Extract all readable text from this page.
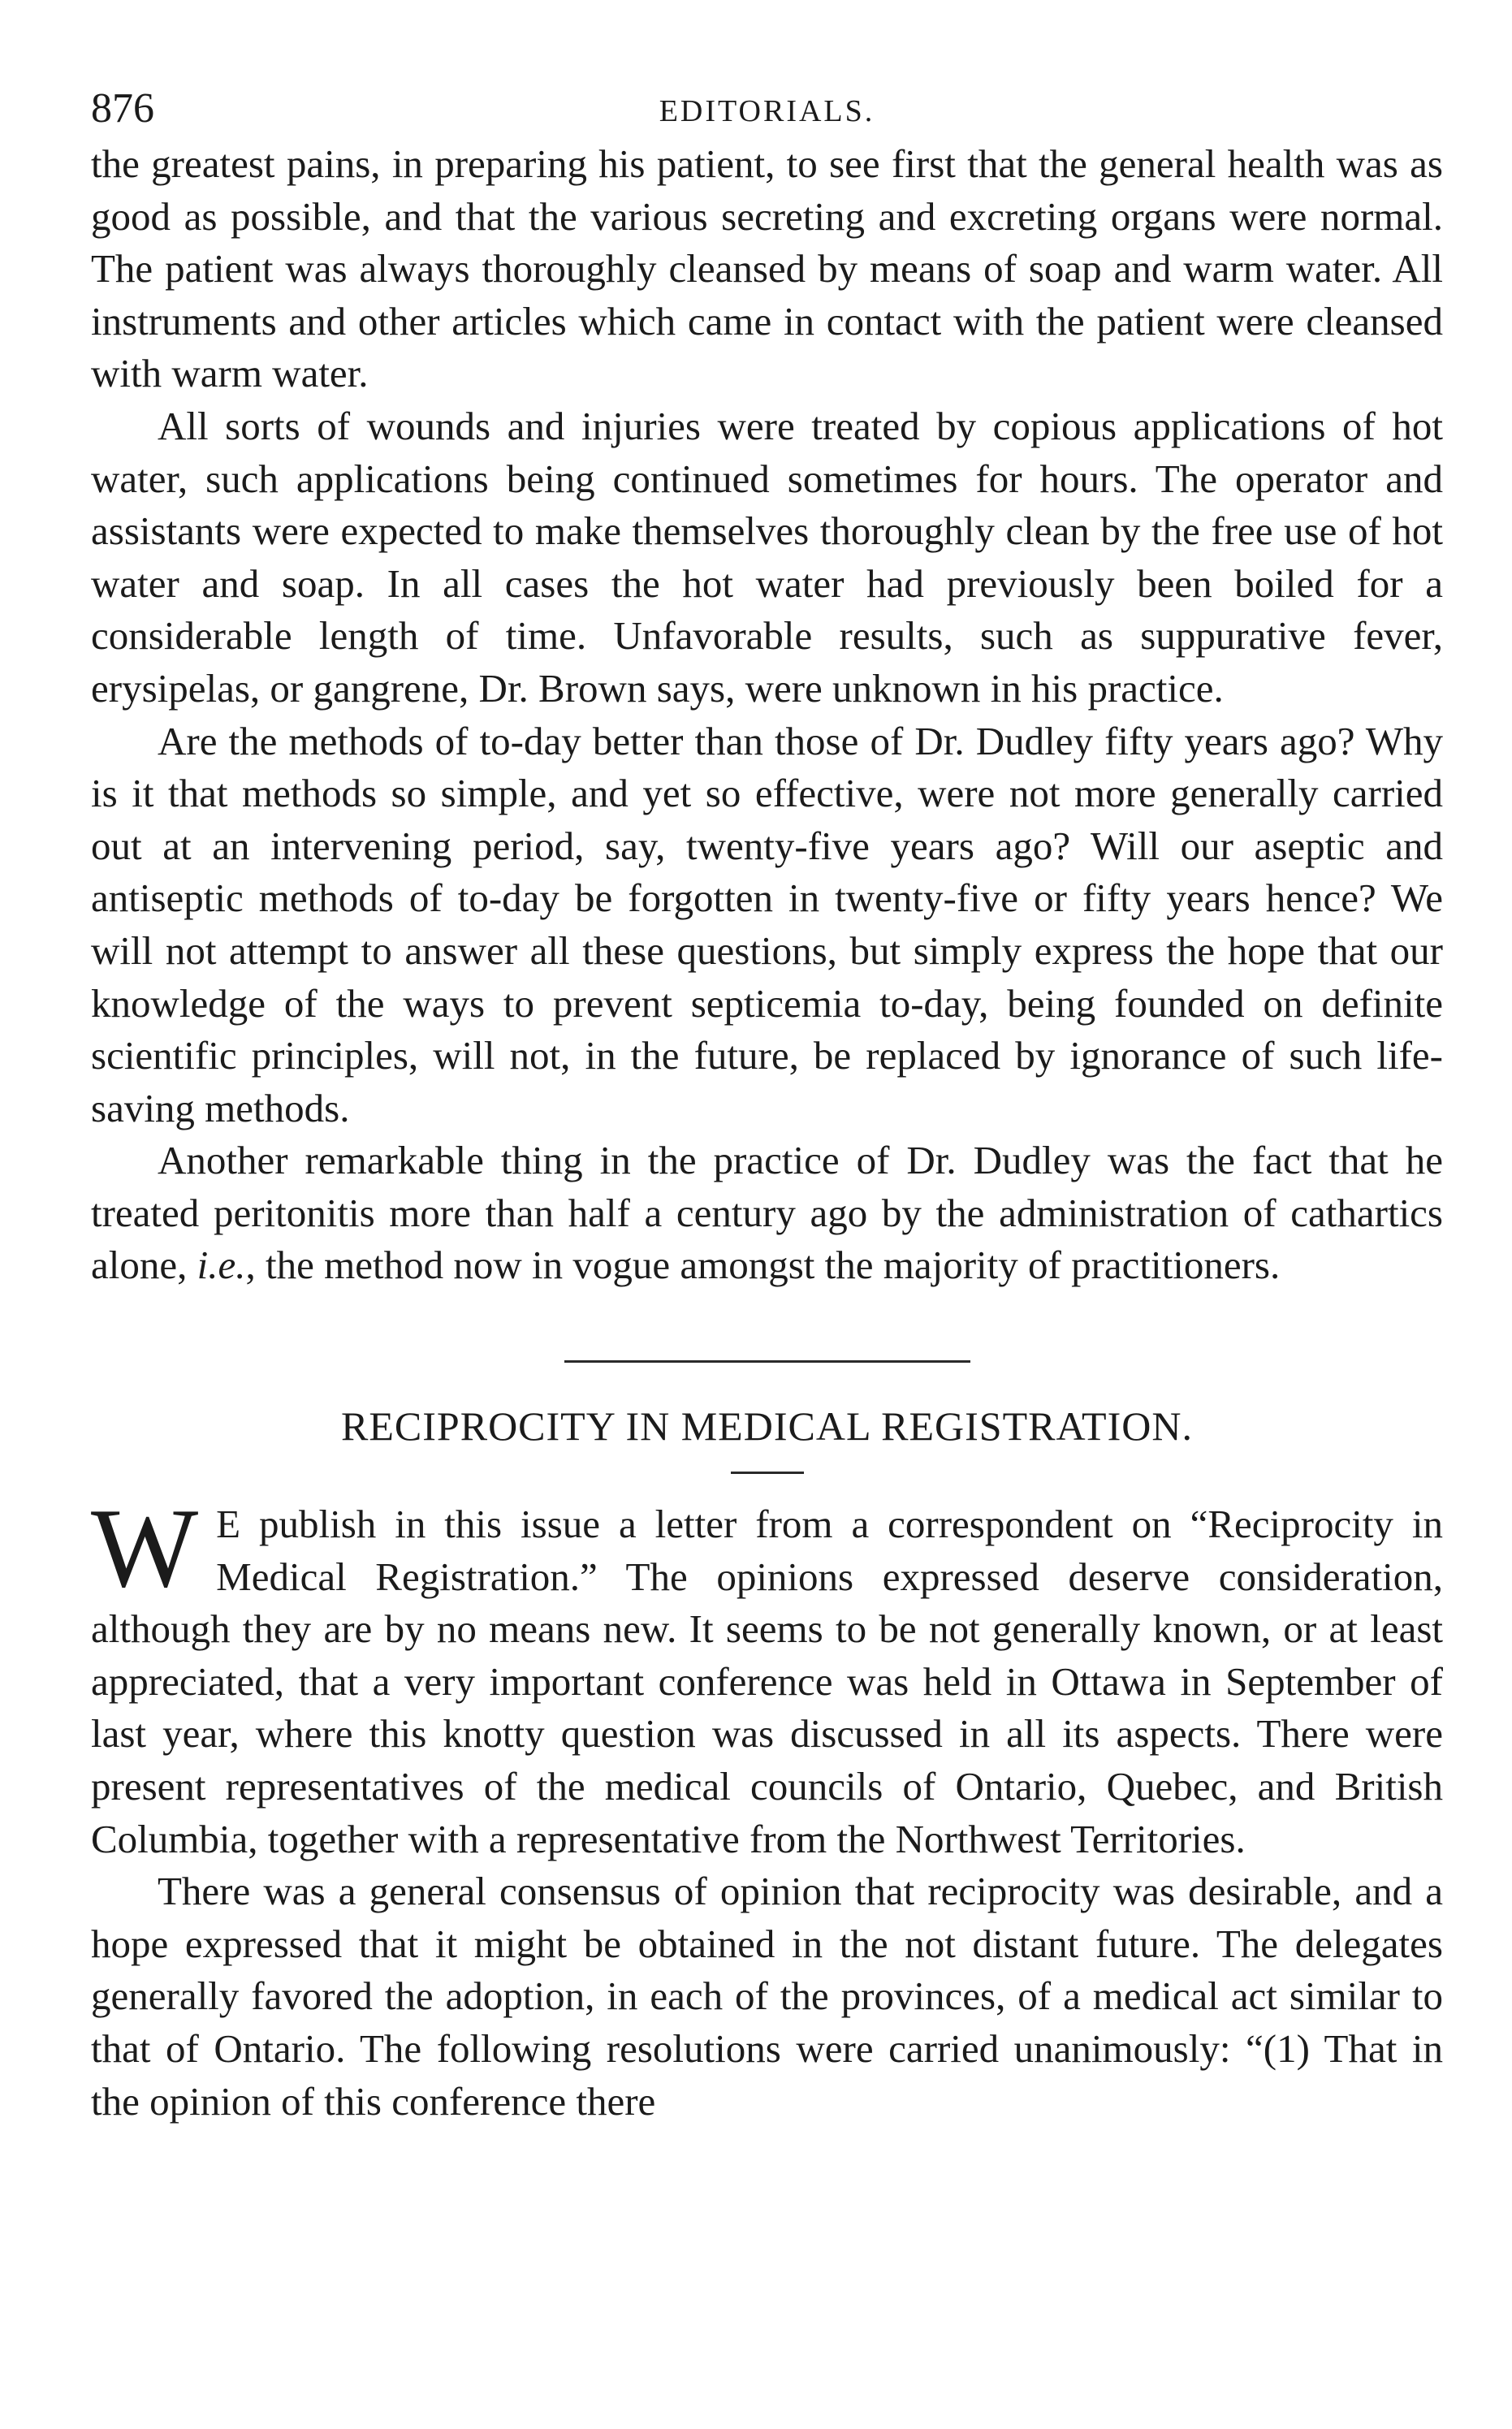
876	EDITORIALS.

the greatest pains, in preparing his patient, to see first that the general health was as good as possible, and that the various secreting and excreting organs were normal. The patient was always thoroughly cleansed by means of soap and warm water. All instruments and other articles which came in contact with the patient were cleansed with warm water.

All sorts of wounds and injuries were treated by copious applications of hot water, such applications being continued sometimes for hours. The operator and assistants were expected to make themselves thoroughly clean by the free use of hot water and soap. In all cases the hot water had previously been boiled for a considerable length of time. Unfavorable results, such as suppurative fever, erysipelas, or gangrene, Dr. Brown says, were unknown in his practice.

Are the methods of to-day better than those of Dr. Dudley fifty years ago? Why is it that methods so simple, and yet so effective, were not more generally carried out at an intervening period, say, twenty-five years ago? Will our aseptic and antiseptic methods of to-day be forgotten in twenty-five or fifty years hence? We will not attempt to answer all these questions, but simply express the hope that our knowledge of the ways to prevent septicemia to-day, being founded on definite scientific principles, will not, in the future, be replaced by ignorance of such life-saving methods.

Another remarkable thing in the practice of Dr. Dudley was the fact that he treated peritonitis more than half a century ago by the administration of cathartics alone, i.e., the method now in vogue amongst the majority of practitioners.

RECIPROCITY IN MEDICAL REGISTRATION.

W E publish in this issue a letter from a correspondent on “Reciprocity in Medical Registration.” The opinions expressed deserve consideration, although they are by no means new. It seems to be not generally known, or at least appreciated, that a very important conference was held in Ottawa in September of last year, where this knotty question was discussed in all its aspects. There were present representatives of the medical councils of Ontario, Quebec, and British Columbia, together with a representative from the Northwest Territories.

There was a general consensus of opinion that reciprocity was desirable, and a hope expressed that it might be obtained in the not distant future. The delegates generally favored the adoption, in each of the provinces, of a medical act similar to that of Ontario. The following resolutions were carried unanimously: “(1) That in the opinion of this conference there
